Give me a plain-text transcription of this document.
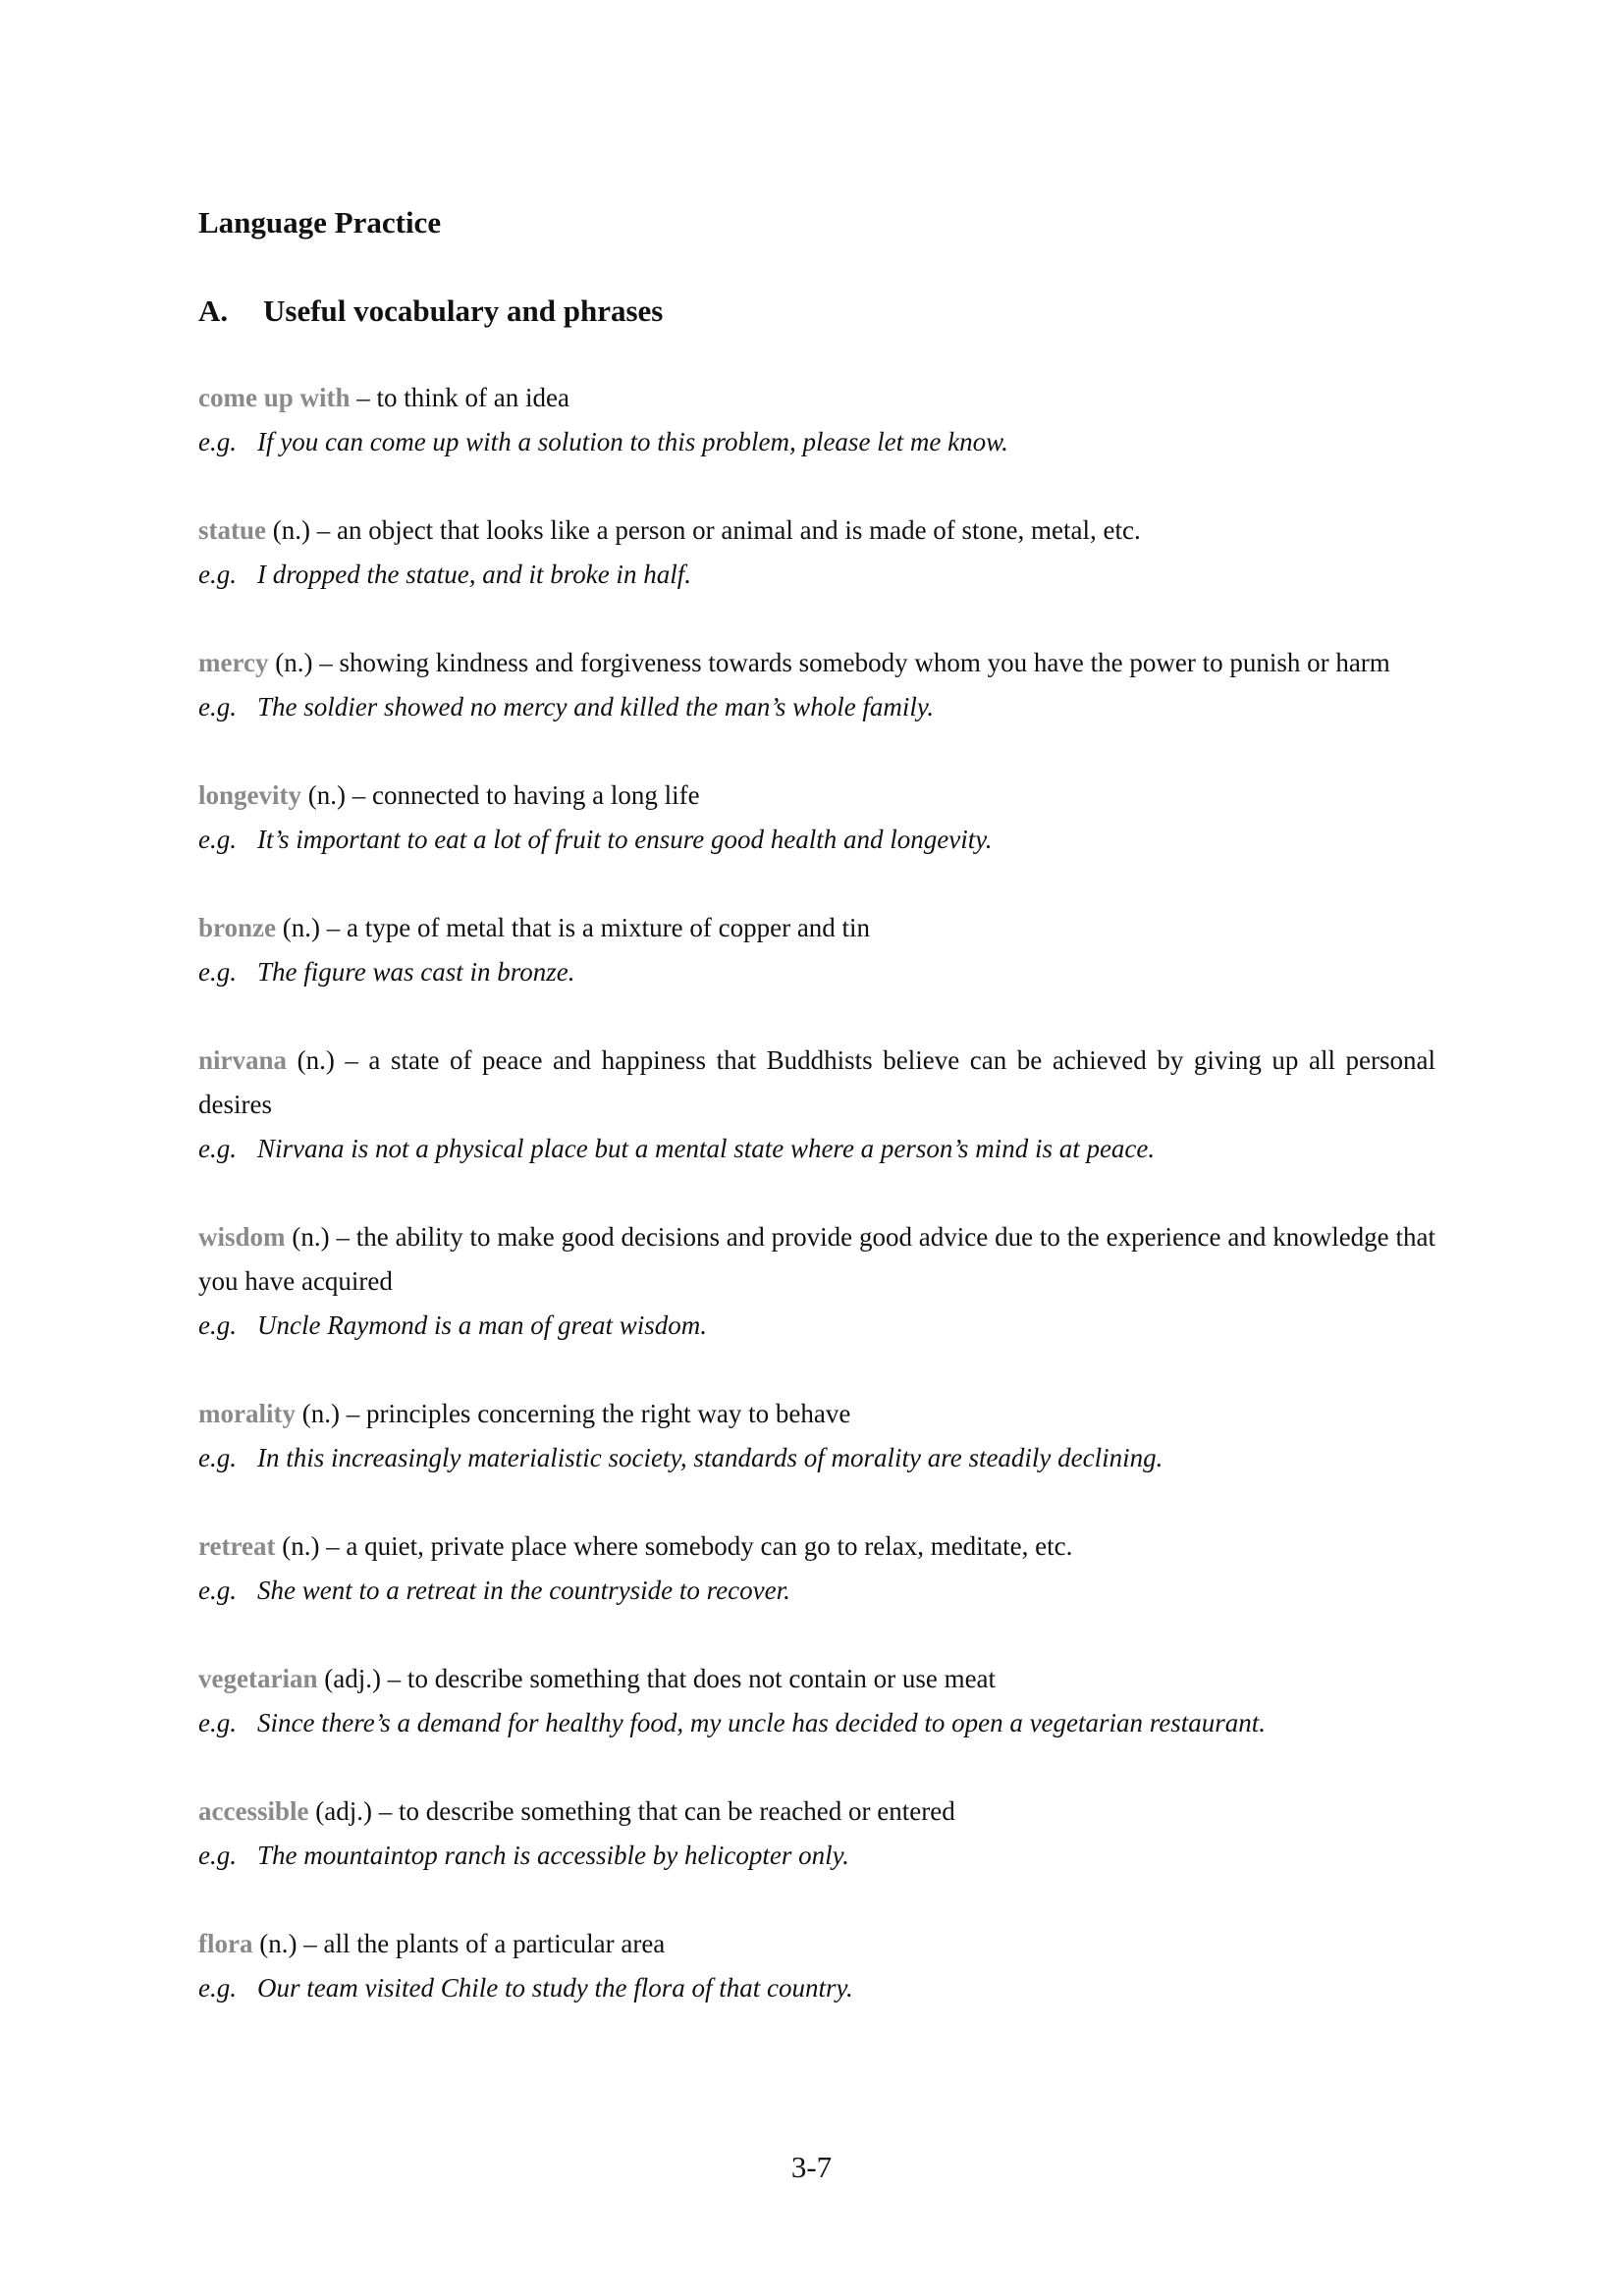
Language Practice
A.	Useful vocabulary and phrases
come up with – to think of an idea
e.g. If you can come up with a solution to this problem, please let me know.
statue (n.) – an object that looks like a person or animal and is made of stone, metal, etc.
e.g. I dropped the statue, and it broke in half.
mercy (n.) – showing kindness and forgiveness towards somebody whom you have the power to punish or harm
e.g. The soldier showed no mercy and killed the man’s whole family.
longevity (n.) – connected to having a long life
e.g. It’s important to eat a lot of fruit to ensure good health and longevity.
bronze (n.) – a type of metal that is a mixture of copper and tin
e.g. The figure was cast in bronze.
nirvana (n.) – a state of peace and happiness that Buddhists believe can be achieved by giving up all personal desires
e.g. Nirvana is not a physical place but a mental state where a person’s mind is at peace.
wisdom (n.) – the ability to make good decisions and provide good advice due to the experience and knowledge that you have acquired
e.g. Uncle Raymond is a man of great wisdom.
morality (n.) – principles concerning the right way to behave
e.g. In this increasingly materialistic society, standards of morality are steadily declining.
retreat (n.) – a quiet, private place where somebody can go to relax, meditate, etc.
e.g. She went to a retreat in the countryside to recover.
vegetarian (adj.) – to describe something that does not contain or use meat
e.g. Since there’s a demand for healthy food, my uncle has decided to open a vegetarian restaurant.
accessible (adj.) – to describe something that can be reached or entered
e.g. The mountaintop ranch is accessible by helicopter only.
flora (n.) – all the plants of a particular area
e.g. Our team visited Chile to study the flora of that country.
3-7
